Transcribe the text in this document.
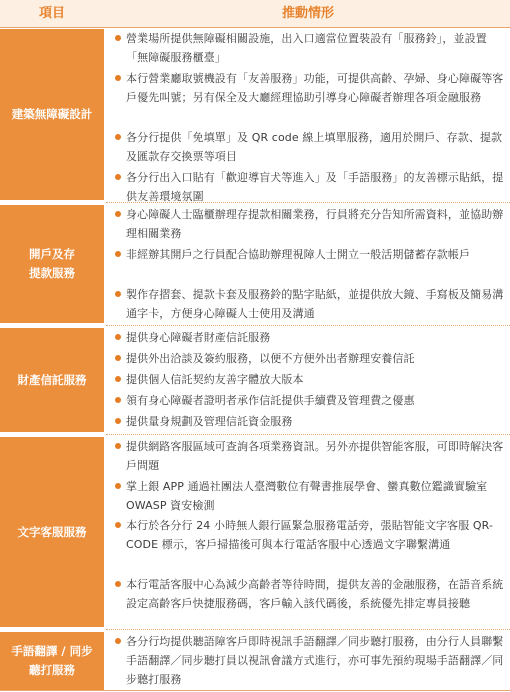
項目	推動情形
建築無障礙設計
營業場所提供無障礙相關設施，出入口適當位置裝設有「服務鈴」，並設置「無障礙服務櫃臺」
本行營業廳取號機設有「友善服務」功能，可提供高齡、孕婦、身心障礙等客戶優先叫號；另有保全及大廳經理協助引導身心障礙者辦理各項金融服務
各分行提供「免填單」及 QR code 線上填單服務，適用於開戶、存款、提款及匯款存交換票等項目
各分行出入口貼有「歡迎導盲犬等進入」及「手語服務」的友善標示貼紙，提供友善環境氛圍
開戶及存
提款服務
身心障礙人士臨櫃辦理存提款相關業務，行員將充分告知所需資料，並協助辦理相關業務
非經辦其開戶之行員配合協助辦理視障人士開立一般活期儲蓄存款帳戶
製作存摺套、提款卡套及服務鈴的點字貼紙，並提供放大鏡、手寫板及簡易溝通字卡，方便身心障礙人士使用及溝通
財產信託服務
提供身心障礙者財產信託服務
提供外出洽談及簽約服務，以便不方便外出者辦理安養信託
提供個人信託契約友善字體放大版本
領有身心障礙者證明者承作信託提供手續費及管理費之優惠
提供量身規劃及管理信託資金服務
文字客服服務
提供網路客服區域可查詢各項業務資訊。另外亦提供智能客服，可即時解決客戶問題
掌上銀 APP 通過社團法人臺灣數位有聲書推展學會、蠻真數位鑑識實驗室 OWASP 資安檢測
本行於各分行 24 小時無人銀行區緊急服務電話旁，張貼智能文字客服 QR-CODE 標示，客戶掃描後可與本行電話客服中心透過文字聯繫溝通
本行電話客服中心為減少高齡者等待時間，提供友善的金融服務，在語音系統設定高齡客戶快捷服務碼，客戶輸入該代碼後，系統優先排定專員接聽
手語翻譯 / 同步
聽打服務
各分行均提供聽語障客戶即時視訊手語翻譯／同步聽打服務，由分行人員聯繫手語翻譯／同步聽打員以視訊會議方式進行，亦可事先預約現場手語翻譯／同步聽打服務
